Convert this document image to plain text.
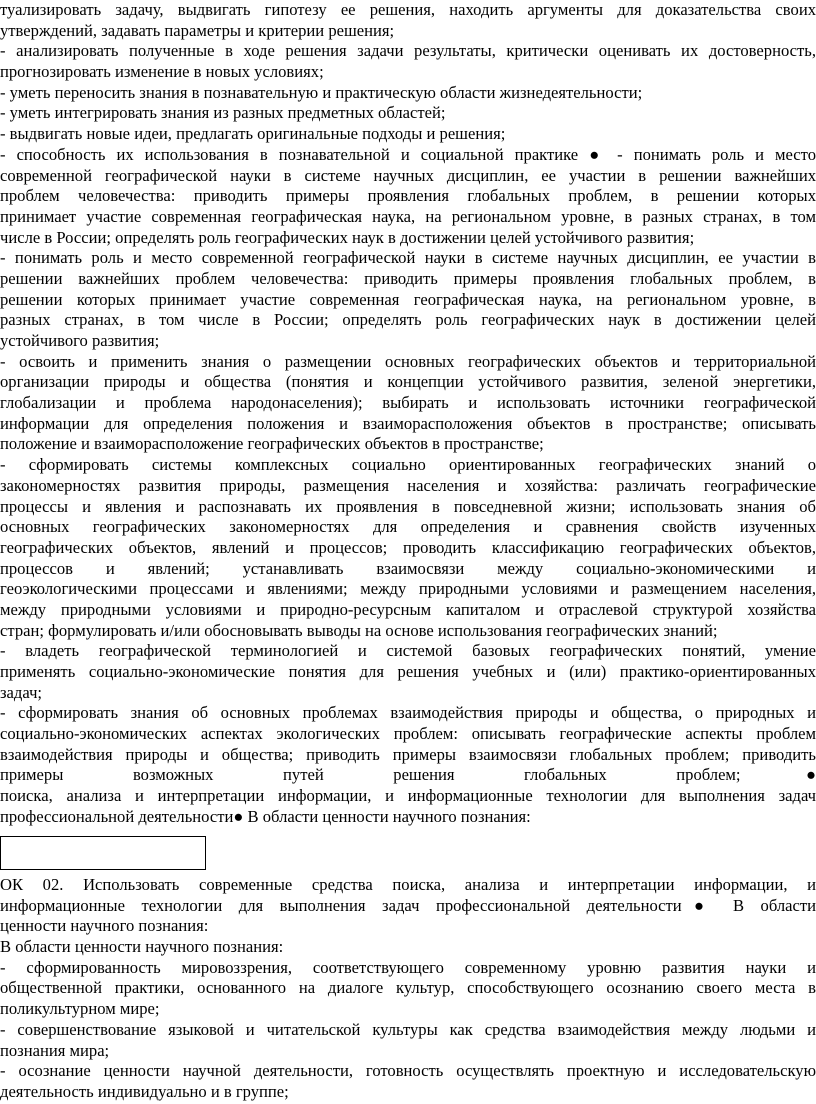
туализировать задачу, выдвигать гипотезу ее решения, находить аргументы для доказательства своих
утверждений, задавать параметры и критерии решения;
- анализировать полученные в ходе решения задачи результаты, критически оценивать их достоверность,
прогнозировать изменение в новых условиях;
- уметь переносить знания в познавательную и практическую области жизнедеятельности;
- уметь интегрировать знания из разных предметных областей;
- выдвигать новые идеи, предлагать оригинальные подходы и решения;
- способность их использования в познавательной и социальной практике ● - понимать роль и место
современной географической науки в системе научных дисциплин, ее участии в решении важнейших
проблем человечества: приводить примеры проявления глобальных проблем, в решении которых
принимает участие современная географическая наука, на региональном уровне, в разных странах, в том
числе в России; определять роль географических наук в достижении целей устойчивого развития;
- понимать роль и место современной географической науки в системе научных дисциплин, ее участии в
решении важнейших проблем человечества: приводить примеры проявления глобальных проблем, в
решении которых принимает участие современная географическая наука, на региональном уровне, в
разных странах, в том числе в России; определять роль географических наук в достижении целей
устойчивого развития;
- освоить и применить знания о размещении основных географических объектов и территориальной
организации природы и общества (понятия и концепции устойчивого развития, зеленой энергетики,
глобализации и проблема народонаселения); выбирать и использовать источники географической
информации для определения положения и взаиморасположения объектов в пространстве; описывать
положение и взаиморасположение географических объектов в пространстве;
- сформировать системы комплексных социально ориентированных географических знаний о
закономерностях развития природы, размещения населения и хозяйства: различать географические
процессы и явления и распознавать их проявления в повседневной жизни; использовать знания об
основных географических закономерностях для определения и сравнения свойств изученных
географических объектов, явлений и процессов; проводить классификацию географических объектов,
процессов и явлений; устанавливать взаимосвязи между социально-экономическими и
геоэкологическими процессами и явлениями; между природными условиями и размещением населения,
между природными условиями и природно-ресурсным капиталом и отраслевой структурой хозяйства
стран; формулировать и/или обосновывать выводы на основе использования географических знаний;
- владеть географической терминологией и системой базовых географических понятий, умение
применять социально-экономические понятия для решения учебных и (или) практико-ориентированных
задач;
- сформировать знания об основных проблемах взаимодействия природы и общества, о природных и
социально-экономических аспектах экологических проблем: описывать географические аспекты проблем
взаимодействия природы и общества; приводить примеры взаимосвязи глобальных проблем; приводить
примеры возможных путей решения глобальных проблем;●
поиска, анализа и интерпретации информации, и информационные технологии для выполнения задач
профессиональной деятельности● В области ценности научного познания:
ОК 02. Использовать современные средства поиска, анализа и интерпретации информации, и
информационные технологии для выполнения задач профессиональной деятельности● В области
ценности научного познания:
В области ценности научного познания:
- сформированность мировоззрения, соответствующего современному уровню развития науки и
общественной практики, основанного на диалоге культур, способствующего осознанию своего места в
поликультурном мире;
- совершенствование языковой и читательской культуры как средства взаимодействия между людьми и
познания мира;
- осознание ценности научной деятельности, готовность осуществлять проектную и исследовательскую
деятельность индивидуально и в группе;
